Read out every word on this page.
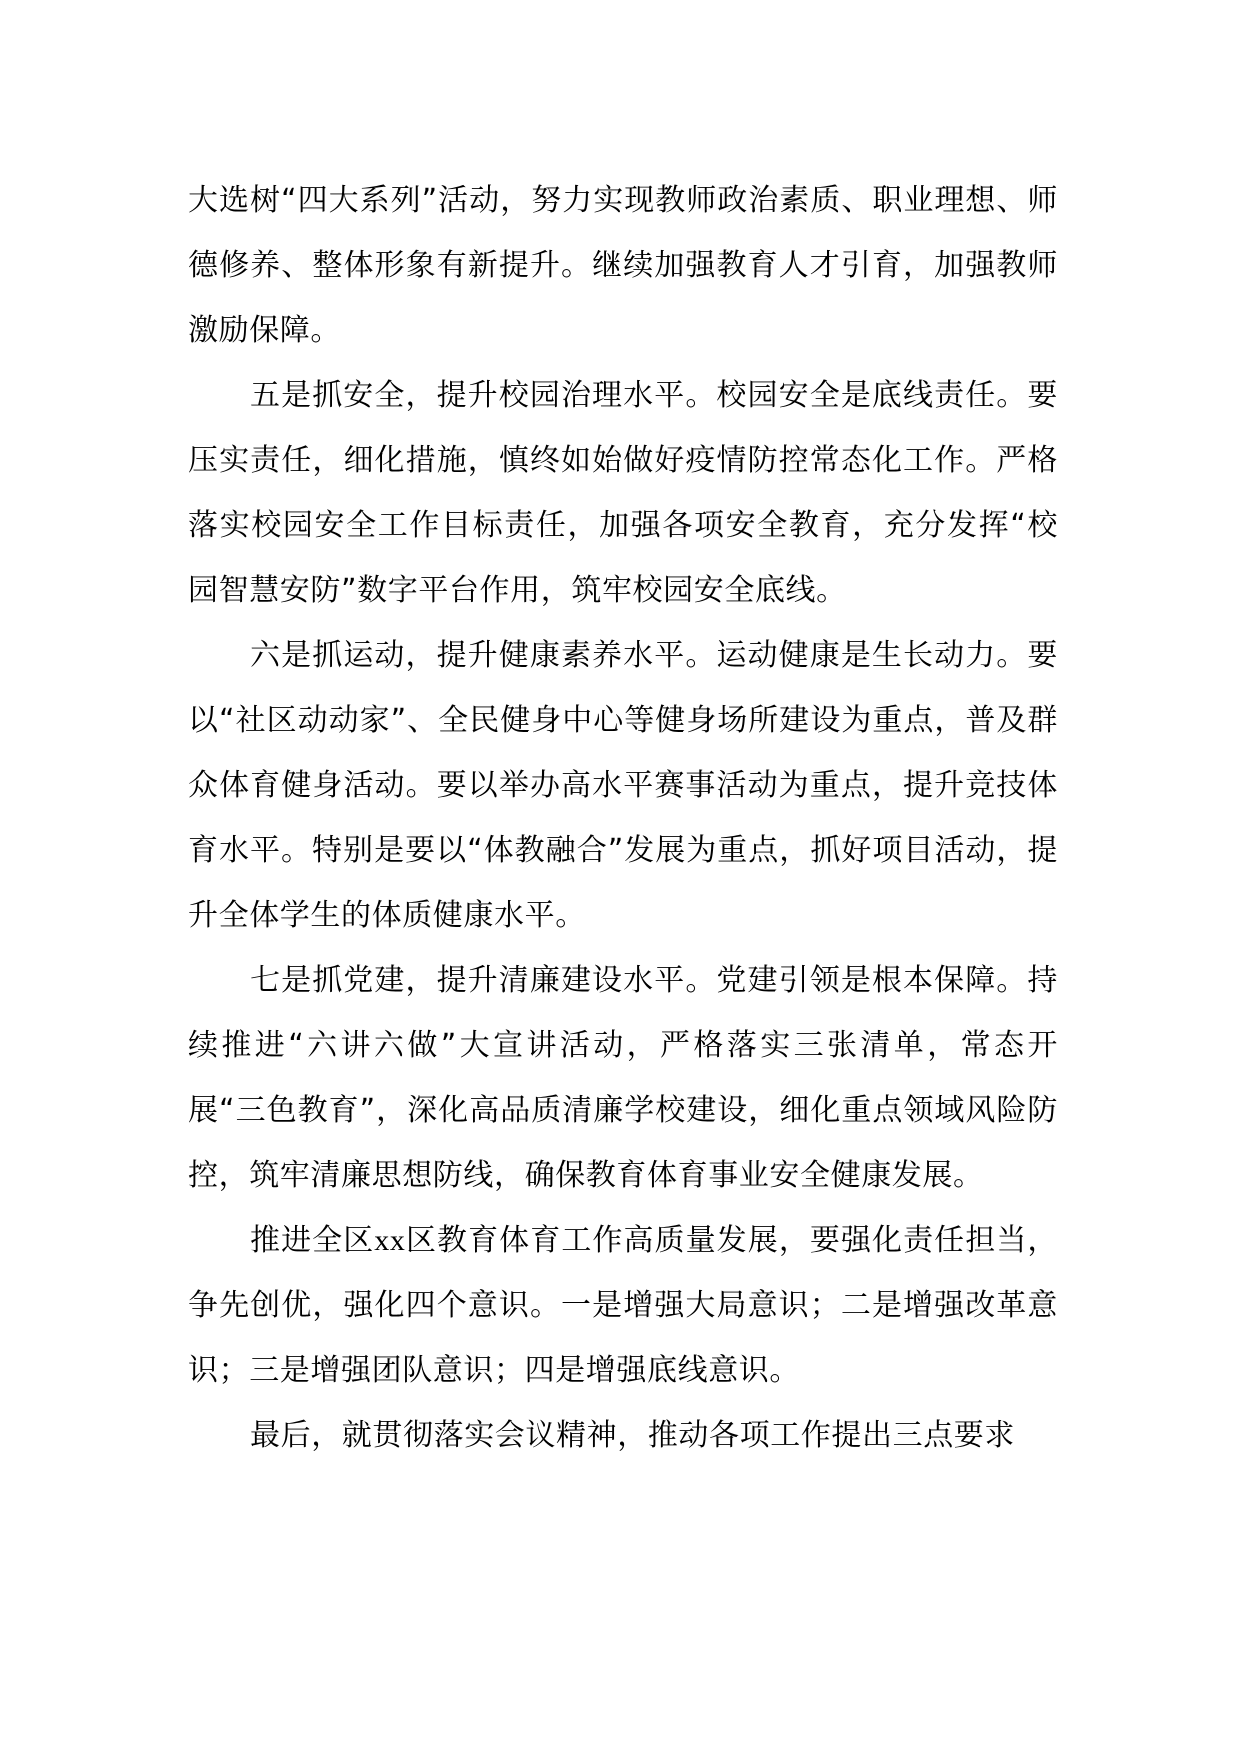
大选树“四大系列”活动，努力实现教师政治素质、职业理想、师德修养、整体形象有新提升。继续加强教育人才引育，加强教师激励保障。

五是抓安全，提升校园治理水平。校园安全是底线责任。要压实责任，细化措施，慎终如始做好疫情防控常态化工作。严格落实校园安全工作目标责任，加强各项安全教育，充分发挥“校园智慧安防”数字平台作用，筑牢校园安全底线。

六是抓运动，提升健康素养水平。运动健康是生长动力。要以“社区动动家”、全民健身中心等健身场所建设为重点，普及群众体育健身活动。要以举办高水平赛事活动为重点，提升竞技体育水平。特别是要以“体教融合”发展为重点，抓好项目活动，提升全体学生的体质健康水平。

七是抓党建，提升清廉建设水平。党建引领是根本保障。持续推进“六讲六做”大宣讲活动，严格落实三张清单，常态开展“三色教育”，深化高品质清廉学校建设，细化重点领域风险防控，筑牢清廉思想防线，确保教育体育事业安全健康发展。

推进全区xx区教育体育工作高质量发展，要强化责任担当，争先创优，强化四个意识。一是增强大局意识；二是增强改革意识；三是增强团队意识；四是增强底线意识。

最后，就贯彻落实会议精神，推动各项工作提出三点要求
